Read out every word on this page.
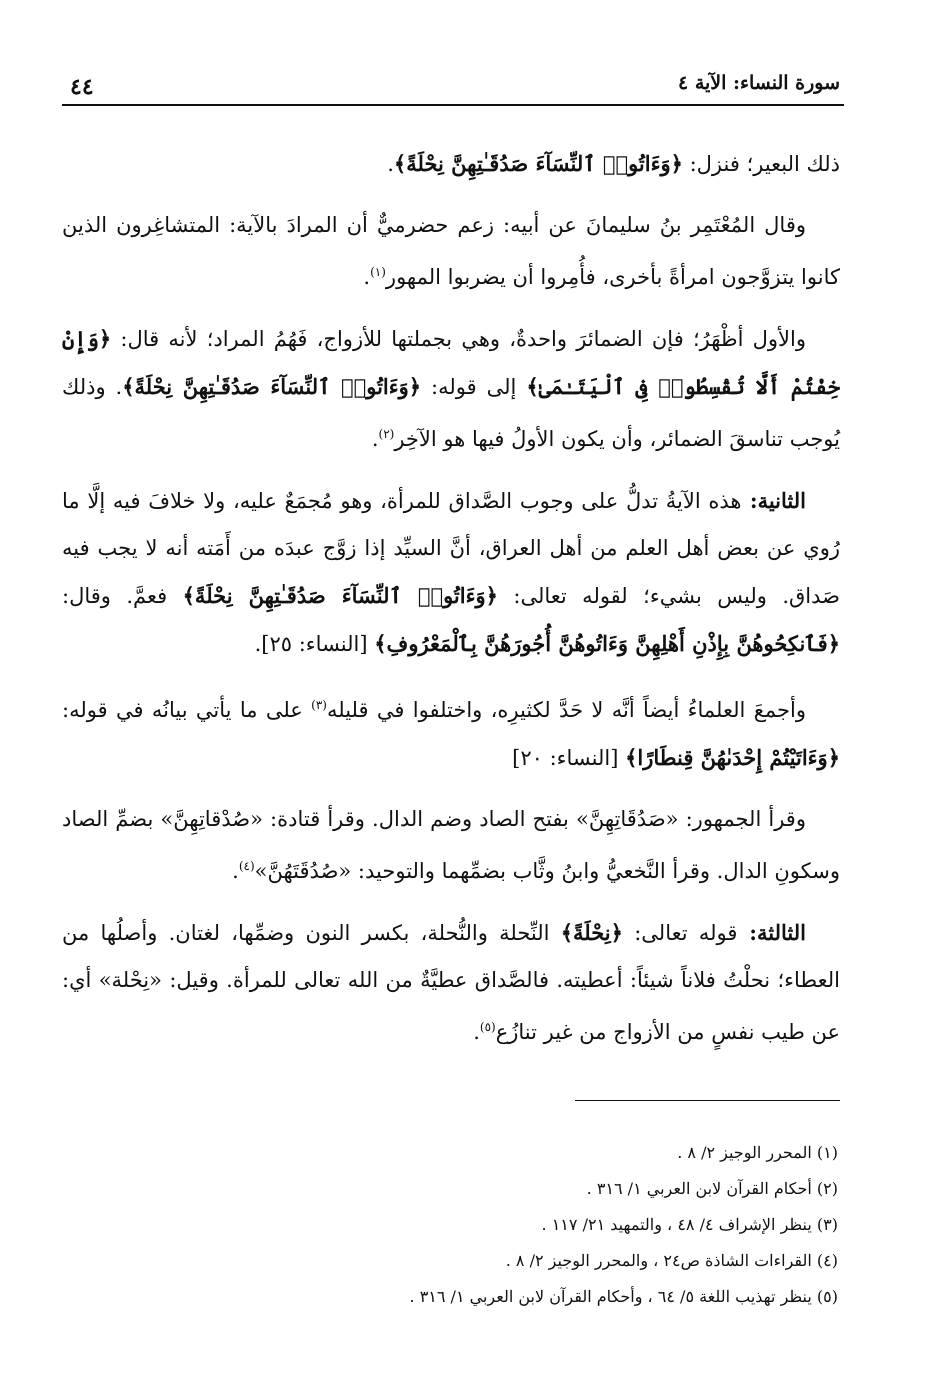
سورة النساء: الآية ٤
٤٤

ذلك البعير؛ فنزل: ﴿وَءَاتُوا۟ ٱلنِّسَآءَ صَدُقَـٰتِهِنَّ نِحْلَةً﴾.

وقال المُعْتَمِر بنُ سليمانَ عن أبيه: زعم حضرميٌّ أن المرادَ بالآية: المتشاغِرون الذين كانوا يتزوَّجون امرأةً بأخرى، فأُمِروا أن يضربوا المهور$^{(١)}$.

والأول أظْهَرُ؛ فإن الضمائرَ واحدةٌ، وهي بجملتها للأزواج، فَهُمُ المراد؛ لأنه قال: ﴿وَإِنْ خِفْتُمْ أَلَّا تُقْسِطُوا۟ فِى ٱلْيَتَـٰمَىٰ﴾ إلى قوله: ﴿وَءَاتُوا۟ ٱلنِّسَآءَ صَدُقَـٰتِهِنَّ نِحْلَةً﴾. وذلك يُوجب تناسقَ الضمائر، وأن يكون الأولُ فيها هو الآخِر$^{(٢)}$.

الثانية: هذه الآيةُ تدلُّ على وجوب الصَّداق للمرأة، وهو مُجمَعٌ عليه، ولا خلافَ فيه إلَّا ما رُوي عن بعض أهل العلم من أهل العراق، أنَّ السيِّد إذا زوَّج عبدَه من أَمَته أنه لا يجب فيه صَداق. وليس بشيء؛ لقوله تعالى: ﴿وَءَاتُوا۟ ٱلنِّسَآءَ صَدُقَـٰتِهِنَّ نِحْلَةً﴾ فعمَّ. وقال: ﴿فَٱنكِحُوهُنَّ بِإِذْنِ أَهْلِهِنَّ وَءَاتُوهُنَّ أُجُورَهُنَّ بِٱلْمَعْرُوفِ﴾ [النساء: ٢٥].

وأجمعَ العلماءُ أيضاً أنَّه لا حَدَّ لكثيرِه، واختلفوا في قليله$^{(٣)}$ على ما يأتي بيانُه في قوله: ﴿وَءَاتَيْتُمْ إِحْدَىٰهُنَّ قِنطَارًا﴾ [النساء: ٢٠]

وقرأ الجمهور: «صَدُقَاتِهِنَّ» بفتح الصاد وضم الدال. وقرأ قتادة: «صُدْقاتِهِنَّ» بضمِّ الصاد وسكونِ الدال. وقرأ النَّخعيُّ وابنُ وثَّاب بضمِّهما والتوحيد: «صُدُقَتَهُنَّ»$^{(٤)}$.

الثالثة: قوله تعالى: ﴿نِحْلَةً﴾ النِّحلة والنُّحلة، بكسر النون وضمِّها، لغتان. وأصلُها من العطاء؛ نحلْتُ فلاناً شيئاً: أعطيته. فالصَّداق عطيَّةٌ من الله تعالى للمرأة. وقيل: «نِحْلة» أي: عن طيب نفسٍ من الأزواج من غير تنازُع$^{(٥)}$.

(١) المحرر الوجيز ٢/ ٨ .
(٢) أحكام القرآن لابن العربي ١/ ٣١٦ .
(٣) ينظر الإشراف ٤/ ٤٨ ، والتمهيد ٢١/ ١١٧ .
(٤) القراءات الشاذة ص٢٤ ، والمحرر الوجيز ٢/ ٨ .
(٥) ينظر تهذيب اللغة ٥/ ٦٤ ، وأحكام القرآن لابن العربي ١/ ٣١٦ .
